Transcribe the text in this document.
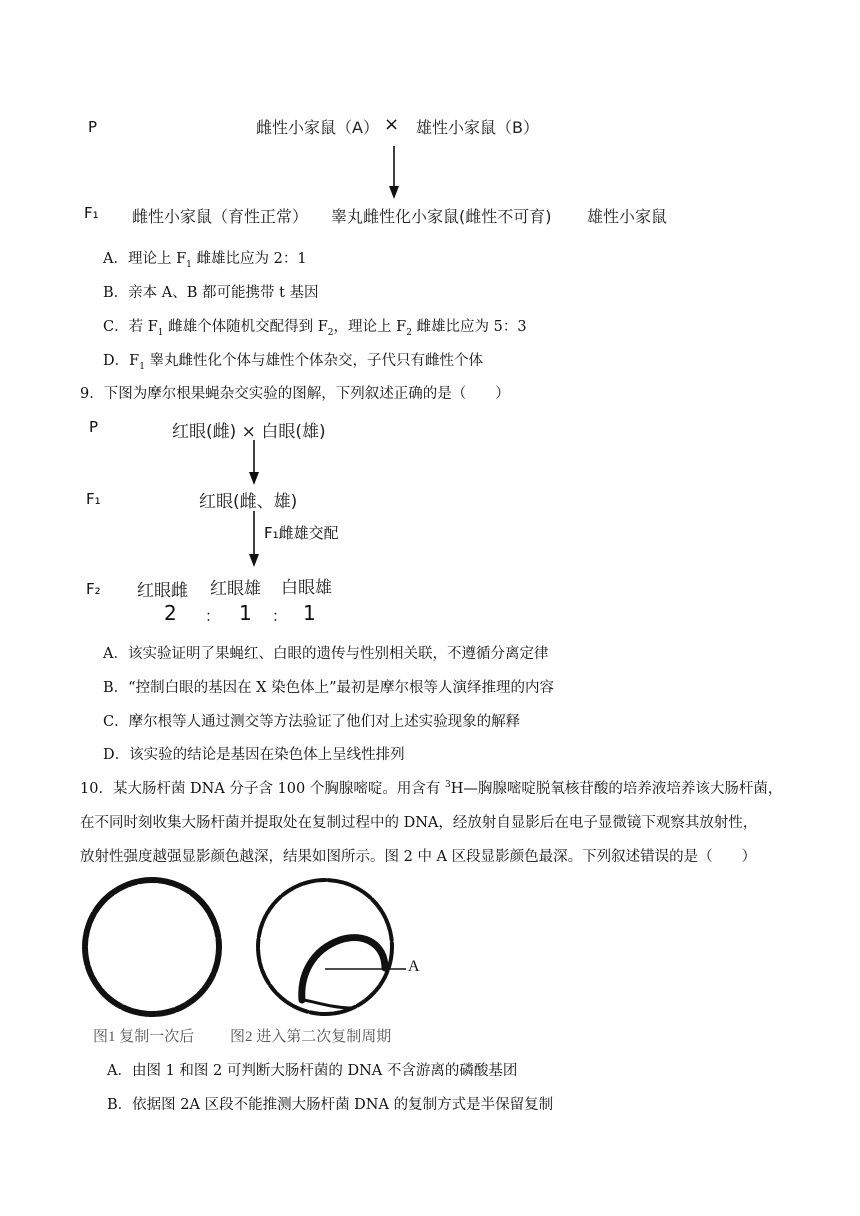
P	雌性小家鼠（A） × 雄性小家鼠（B）
F₁ 雌性小家鼠（育性正常） 睾丸雌性化小家鼠(雌性不可育) 雄性小家鼠
A．理论上 $F_1$ 雌雄比应为 2：1
B．亲本 A、B 都可能携带 t 基因
C．若 $F_1$ 雌雄个体随机交配得到 $F_2$，理论上 $F_2$ 雌雄比应为 5：3
D．$F_1$ 睾丸雌性化个体与雄性个体杂交，子代只有雌性个体
9．下图为摩尔根果蝇杂交实验的图解，下列叙述正确的是（　　）
P	红眼(雌) × 白眼(雄)
F₁	红眼(雌、雄)
F₁雌雄交配
F₂ 红眼雌 红眼雄 白眼雄
2 ： 1 ： 1
A．该实验证明了果蝇红、白眼的遗传与性别相关联，不遵循分离定律
B．“控制白眼的基因在 X 染色体上”最初是摩尔根等人演绎推理的内容
C．摩尔根等人通过测交等方法验证了他们对上述实验现象的解释
D．该实验的结论是基因在染色体上呈线性排列
10．某大肠杆菌 DNA 分子含 100 个胸腺嘧啶。用含有 $^3$H—胸腺嘧啶脱氧核苷酸的培养液培养该大肠杆菌，
在不同时刻收集大肠杆菌并提取处在复制过程中的 DNA，经放射自显影后在电子显微镜下观察其放射性，
放射性强度越强显影颜色越深，结果如图所示。图 2 中 A 区段显影颜色最深。下列叙述错误的是（　　）
A
图1 复制一次后 图2 进入第二次复制周期
A．由图 1 和图 2 可判断大肠杆菌的 DNA 不含游离的磷酸基团
B．依据图 2A 区段不能推测大肠杆菌 DNA 的复制方式是半保留复制
